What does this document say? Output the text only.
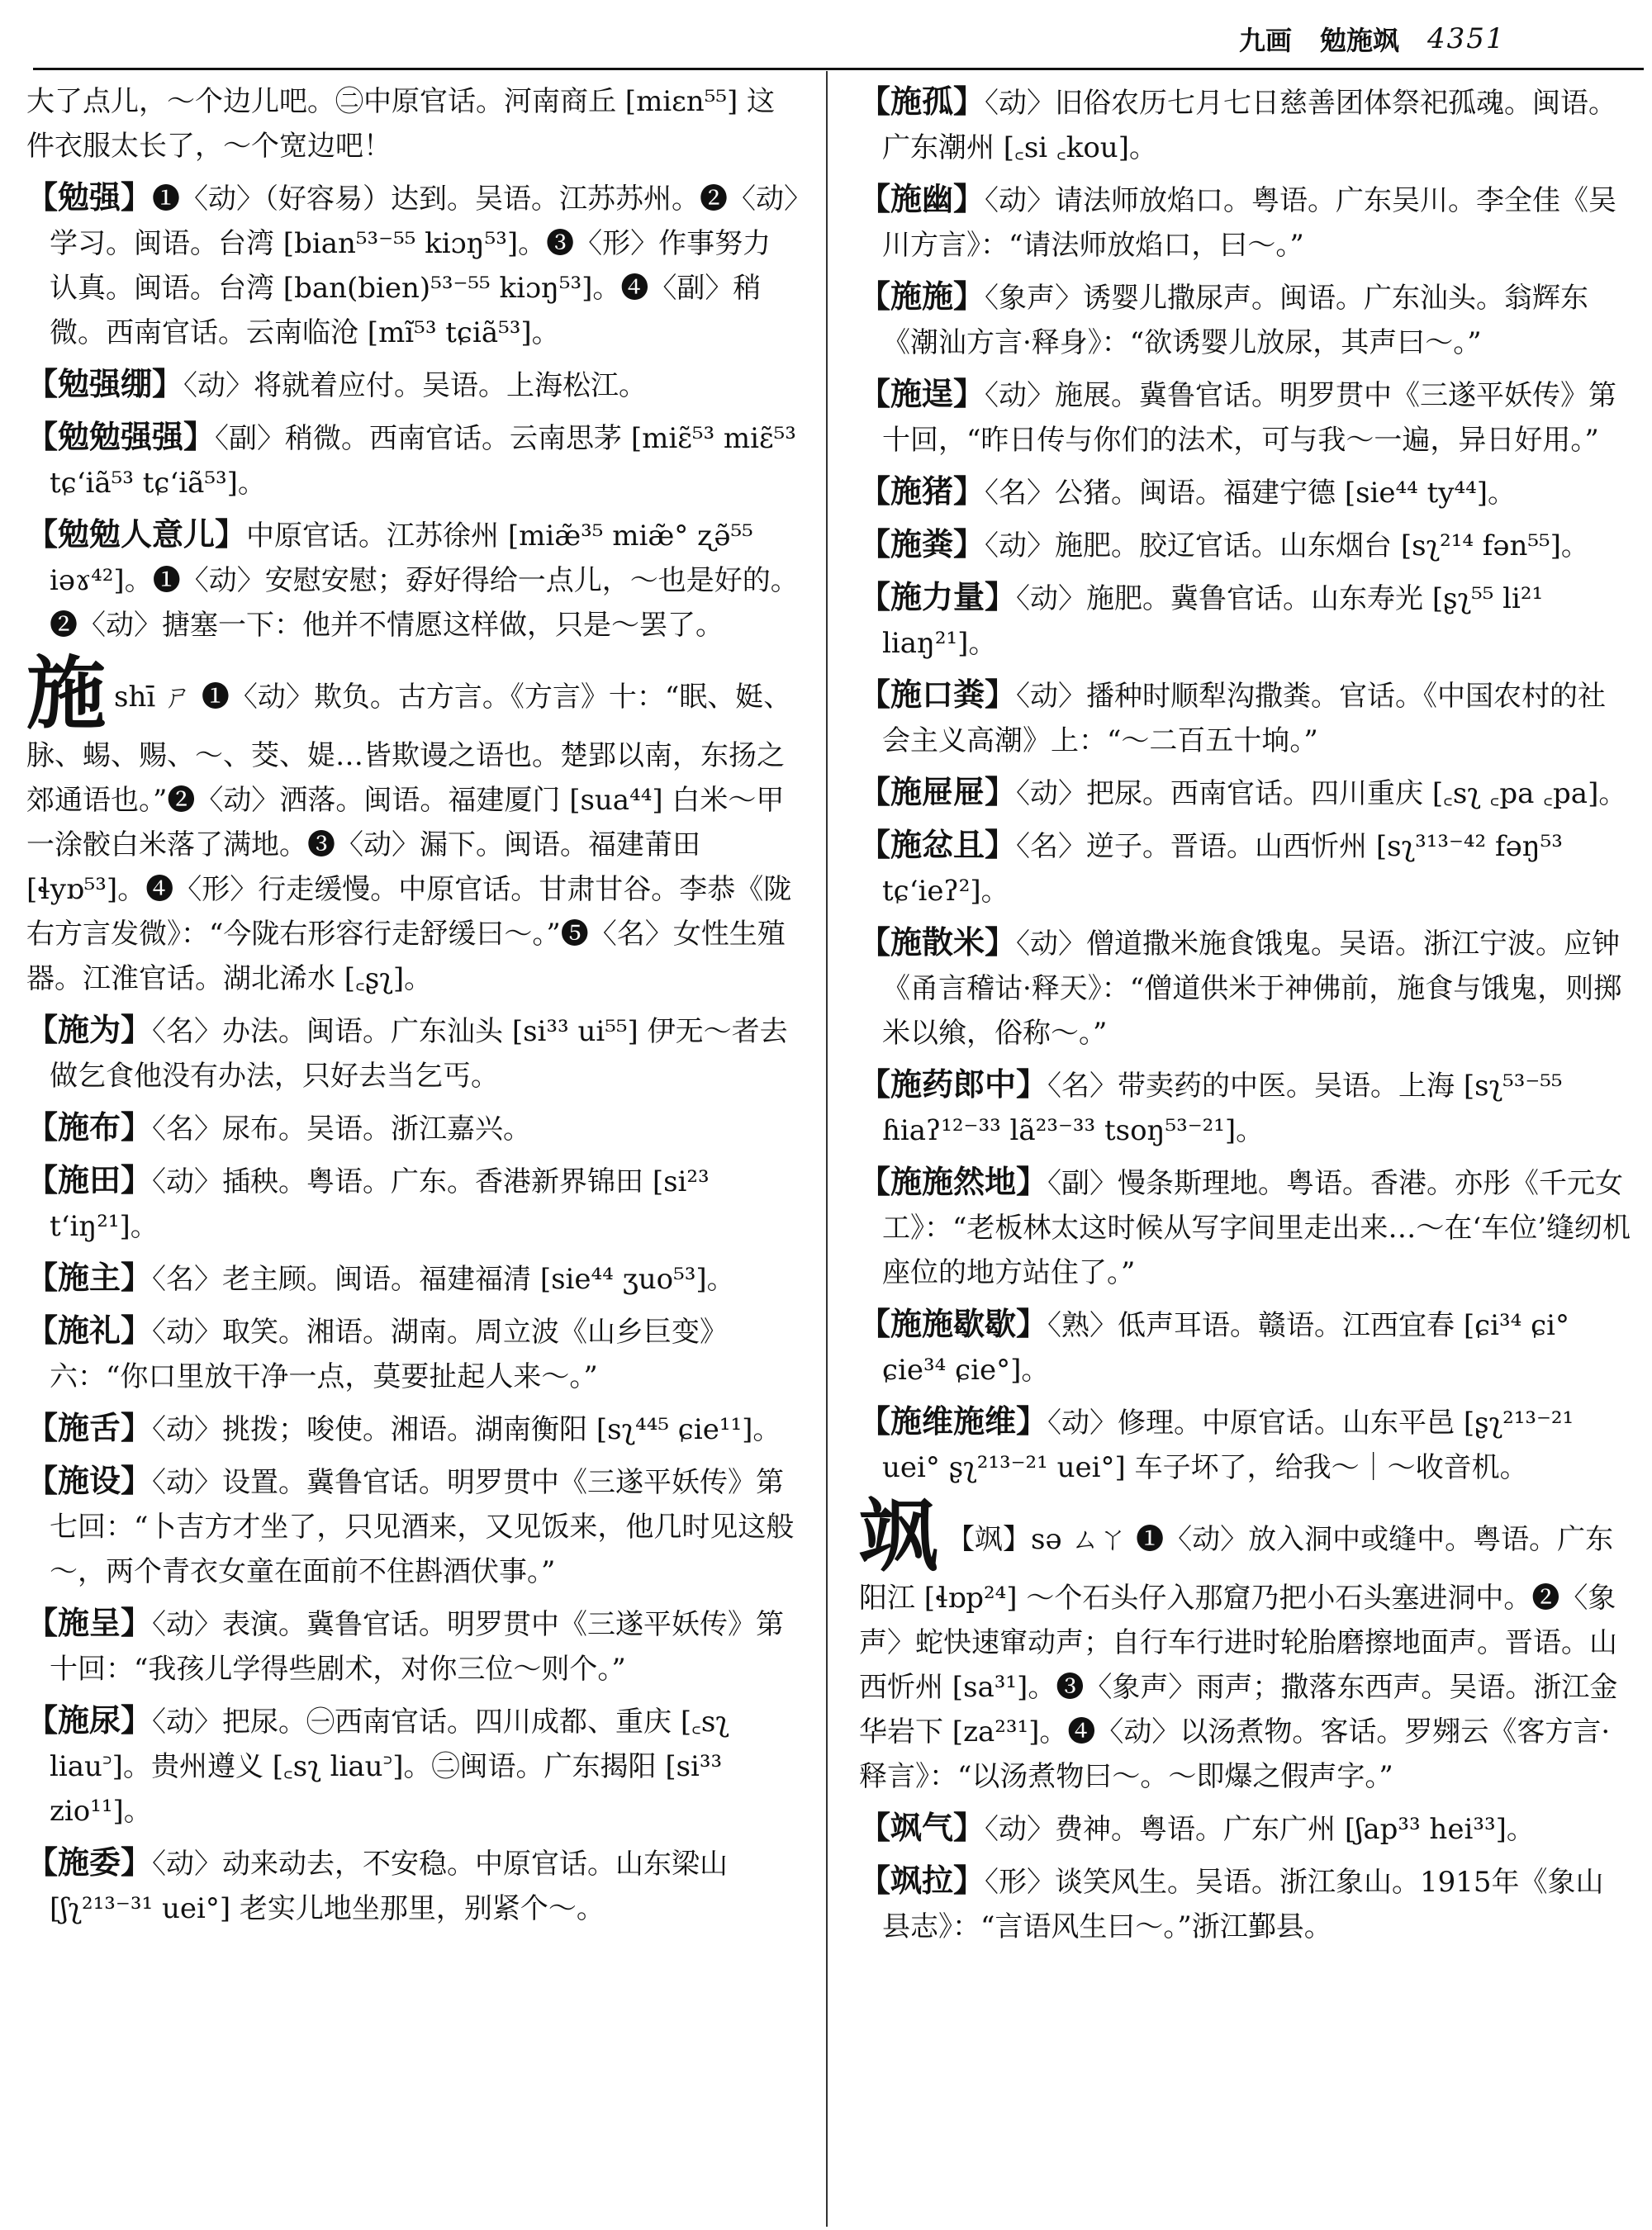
九画 勉施飒 4351
大了点儿，～个边儿吧。㊁中原官话。河南商丘 [miɛn⁵⁵] 这件衣服太长了，～个宽边吧！
【勉强】❶〈动〉（好容易）达到。吴语。江苏苏州。❷〈动〉学习。闽语。台湾 [bian⁵³⁻⁵⁵ kiɔŋ⁵³]。❸〈形〉作事努力认真。闽语。台湾 [ban(bien)⁵³⁻⁵⁵ kiɔŋ⁵³]。❹〈副〉稍微。西南官话。云南临沧 [mĩ⁵³ tɕiã⁵³]。
【勉强绷】〈动〉将就着应付。吴语。上海松江。
【勉勉强强】〈副〉稍微。西南官话。云南思茅 [miɛ̃⁵³ miɛ̃⁵³ tɕʻiã⁵³ tɕʻiã⁵³]。
【勉勉人意儿】中原官话。江苏徐州 [miæ̃³⁵ miæ̃° ʐə̃⁵⁵ iəɤ⁴²]。❶〈动〉安慰安慰；孬好得给一点儿，～也是好的。❷〈动〉搪塞一下：他并不情愿这样做，只是～罢了。
施shī ㄕ ❶〈动〉欺负。古方言。《方言》十：“眠、娗、脉、蜴、赐、～、茭、媞…皆欺谩之语也。楚郢以南，东扬之郊通语也。”❷〈动〉洒落。闽语。福建厦门 [sua⁴⁴] 白米～甲一涂骹白米落了满地。❸〈动〉漏下。闽语。福建莆田 [ɬyɒ⁵³]。❹〈形〉行走缓慢。中原官话。甘肃甘谷。李恭《陇右方言发微》：“今陇右形容行走舒缓曰～。”❺〈名〉女性生殖器。江淮官话。湖北浠水 [꜀ʂʅ]。
【施为】〈名〉办法。闽语。广东汕头 [si³³ ui⁵⁵] 伊无～者去做乞食他没有办法，只好去当乞丐。
【施布】〈名〉尿布。吴语。浙江嘉兴。
【施田】〈动〉插秧。粤语。广东。香港新界锦田 [si²³ tʻiŋ²¹]。
【施主】〈名〉老主顾。闽语。福建福清 [sie⁴⁴ ʒuo⁵³]。
【施礼】〈动〉取笑。湘语。湖南。周立波《山乡巨变》六：“你口里放干净一点，莫要扯起人来～。”
【施舌】〈动〉挑拨；唆使。湘语。湖南衡阳 [sʅ⁴⁴⁵ ɕie¹¹]。
【施设】〈动〉设置。冀鲁官话。明罗贯中《三遂平妖传》第七回：“卜吉方才坐了，只见酒来，又见饭来，他几时见这般～，两个青衣女童在面前不住斟酒伏事。”
【施呈】〈动〉表演。冀鲁官话。明罗贯中《三遂平妖传》第十回：“我孩儿学得些剧术，对你三位～则个。”
【施尿】〈动〉把尿。㊀西南官话。四川成都、重庆 [꜀sʅ liau꜄]。贵州遵义 [꜀sʅ liau꜄]。㊁闽语。广东揭阳 [si³³ zio¹¹]。
【施委】〈动〉动来动去，不安稳。中原官话。山东梁山 [ʃʅ²¹³⁻³¹ uei°] 老实儿地坐那里，别紧个～。
【施孤】〈动〉旧俗农历七月七日慈善团体祭祀孤魂。闽语。广东潮州 [꜀si ꜀kou]。
【施幽】〈动〉请法师放焰口。粤语。广东吴川。李全佳《吴川方言》：“请法师放焰口，曰～。”
【施施】〈象声〉诱婴儿撒尿声。闽语。广东汕头。翁辉东《潮汕方言·释身》：“欲诱婴儿放尿，其声曰～。”
【施逞】〈动〉施展。冀鲁官话。明罗贯中《三遂平妖传》第十回，“昨日传与你们的法术，可与我～一遍，异日好用。”
【施猪】〈名〉公猪。闽语。福建宁德 [sie⁴⁴ ty⁴⁴]。
【施粪】〈动〉施肥。胶辽官话。山东烟台 [sʅ²¹⁴ fən⁵⁵]。
【施力量】〈动〉施肥。冀鲁官话。山东寿光 [ʂʅ⁵⁵ li²¹ liaŋ²¹]。
【施口粪】〈动〉播种时顺犁沟撒粪。官话。《中国农村的社会主义高潮》上：“～二百五十垧。”
【施屉屉】〈动〉把尿。西南官话。四川重庆 [꜀sʅ ꜀pa ꜀pa]。
【施忿且】〈名〉逆子。晋语。山西忻州 [sʅ³¹³⁻⁴² fəŋ⁵³ tɕʻieʔ²]。
【施散米】〈动〉僧道撒米施食饿鬼。吴语。浙江宁波。应钟《甬言稽诂·释天》：“僧道供米于神佛前，施食与饿鬼，则掷米以飨，俗称～。”
【施药郎中】〈名〉带卖药的中医。吴语。上海 [sʅ⁵³⁻⁵⁵ ɦiaʔ¹²⁻³³ lã²³⁻³³ tsoŋ⁵³⁻²¹]。
【施施然地】〈副〉慢条斯理地。粤语。香港。亦彤《千元女工》：“老板林太这时候从写字间里走出来…～在‘车位’缝纫机座位的地方站住了。”
【施施歇歇】〈熟〉低声耳语。赣语。江西宜春 [ɕi³⁴ ɕi° ɕie³⁴ ɕie°]。
【施维施维】〈动〉修理。中原官话。山东平邑 [ʂʅ²¹³⁻²¹ uei° ʂʅ²¹³⁻²¹ uei°] 车子坏了，给我～｜～收音机。
飒 【飒】sə ㄙㄚ ❶〈动〉放入洞中或缝中。粤语。广东阳江 [ɬɒp²⁴] ～个石头仔入那窟乃把小石头塞进洞中。❷〈象声〉蛇快速窜动声；自行车行进时轮胎磨擦地面声。晋语。山西忻州 [sa³¹]。❸〈象声〉雨声；撒落东西声。吴语。浙江金华岩下 [za²³¹]。❹〈动〉以汤煮物。客话。罗翙云《客方言·释言》：“以汤煮物曰～。～即爆之假声字。”
【飒气】〈动〉费神。粤语。广东广州 [ʃap³³ hei³³]。
【飒拉】〈形〉谈笑风生。吴语。浙江象山。1915年《象山县志》：“言语风生曰～。”浙江鄞县。
